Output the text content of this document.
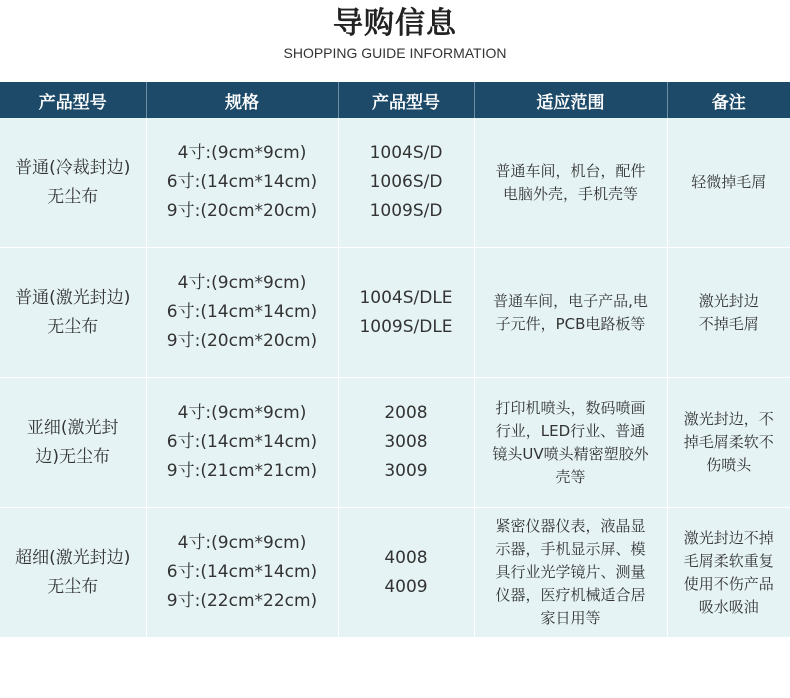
导购信息
SHOPPING GUIDE INFORMATION
产品型号	规格	产品型号	适应范围	备注

普通(冷裁封边)
无尘布	4寸:(9cm*9cm)
6寸:(14cm*14cm)
9寸:(20cm*20cm)	1004S/D
1006S/D
1009S/D	普通车间，机台，配件
电脑外壳，手机壳等	轻微掉毛屑

普通(激光封边)
无尘布	4寸:(9cm*9cm)
6寸:(14cm*14cm)
9寸:(20cm*20cm)	1004S/DLE
1009S/DLE	普通车间，电子产品,电
子元件，PCB电路板等	激光封边
不掉毛屑

亚细(激光封
边)无尘布	4寸:(9cm*9cm)
6寸:(14cm*14cm)
9寸:(21cm*21cm)	2008
3008
3009	打印机喷头，数码喷画
行业，LED行业、普通
镜头UV喷头精密塑胶外
壳等	激光封边，不
掉毛屑柔软不
伤喷头

超细(激光封边)
无尘布	4寸:(9cm*9cm)
6寸:(14cm*14cm)
9寸:(22cm*22cm)	4008
4009	紧密仪器仪表，液晶显
示器，手机显示屏、模
具行业光学镜片、测量
仪器，医疗机械适合居
家日用等	激光封边不掉
毛屑柔软重复
使用不伤产品
吸水吸油
